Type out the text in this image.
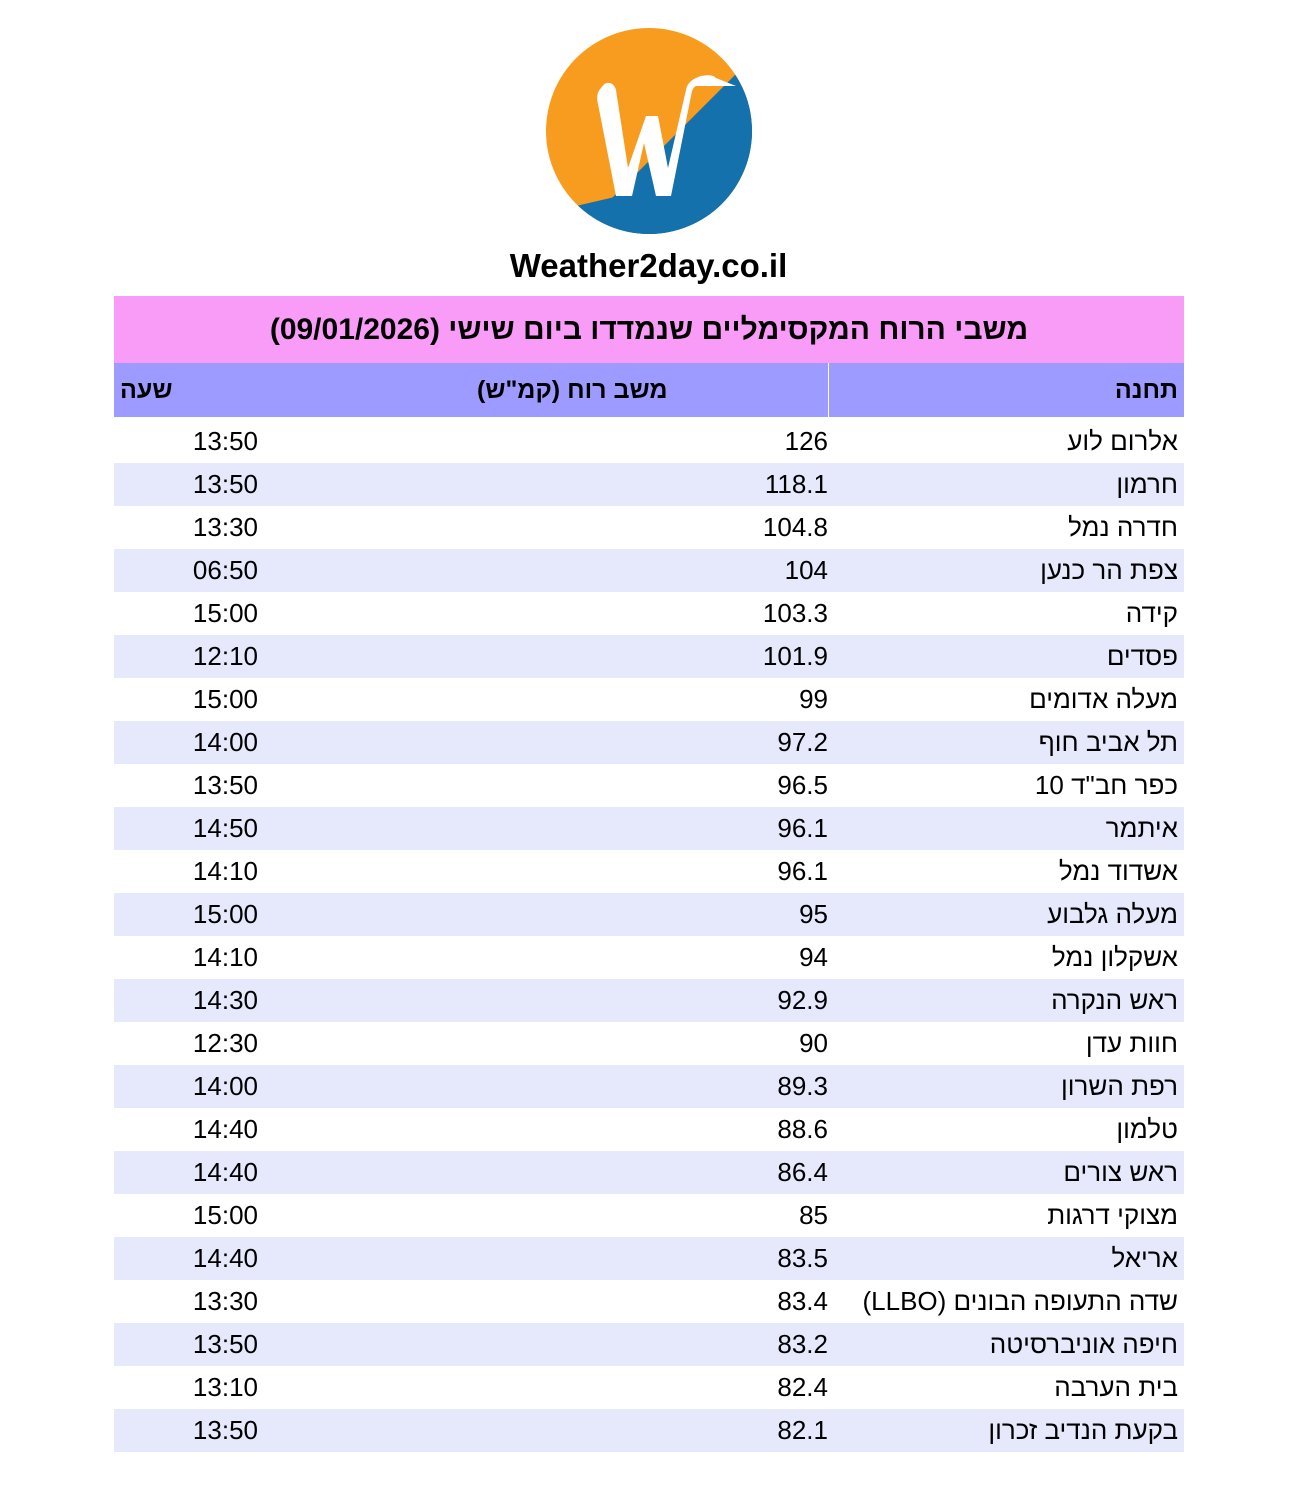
Weather2day.co.il
משבי הרוח המקסימליים שנמדדו ביום שישי (09/01/2026)
תחנה
משב רוח (קמ"ש)
שעה
אלרום לוע
126
13:50
חרמון
118.1
13:50
חדרה נמל
104.8
13:30
צפת הר כנען
104
06:50
קידה
103.3
15:00
פסדים
101.9
12:10
מעלה אדומים
99
15:00
תל אביב חוף
97.2
14:00
כפר חב"ד 10
96.5
13:50
איתמר
96.1
14:50
אשדוד נמל
96.1
14:10
מעלה גלבוע
95
15:00
אשקלון נמל
94
14:10
ראש הנקרה
92.9
14:30
חוות עדן
90
12:30
רפת השרון
89.3
14:00
טלמון
88.6
14:40
ראש צורים
86.4
14:40
מצוקי דרגות
85
15:00
אריאל
83.5
14:40
שדה התעופה הבונים (LLBO)
83.4
13:30
חיפה אוניברסיטה
83.2
13:50
בית הערבה
82.4
13:10
בקעת הנדיב זכרון
82.1
13:50
